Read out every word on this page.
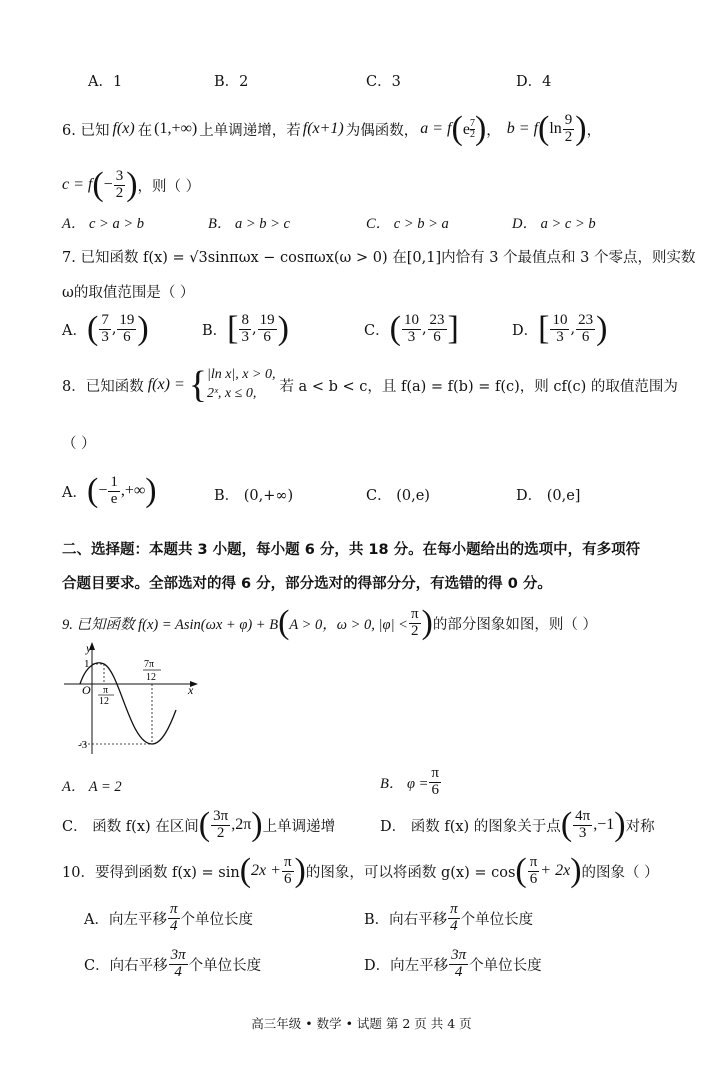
A．1	B．2	C．3	D．4
6. 已知 f(x) 在 (1,+∞) 上单调递增，若 f(x+1) 为偶函数， a = f ( e $^{\frac{7}{2}}$ ) ， b = f ( $\ln \frac{9}{2}$ ) ，
c = f ( − $\frac{3}{2}$ ) ，则（ ）
A． c > a > b	B． a > b > c	C． c > b > a	D． a > c > b
7. 已知函数 f(x) = √3sinπωx − cosπωx(ω > 0) 在[0,1]内恰有 3 个最值点和 3 个零点，则实数
ω的取值范围是（ ）
A． ( $\frac{7}{3}$ , $\frac{19}{6}$ )	B． [ $\frac{8}{3}$ , $\frac{19}{6}$ )	C． ( $\frac{10}{3}$ , $\frac{23}{6}$ ]	D． [ $\frac{10}{3}$ , $\frac{23}{6}$ )
8．已知函数 f(x) = { |ln x|, x > 0,
2ˣ, x ≤ 0,	若 a < b < c，且 f(a) = f(b) = f(c)，则 cf(c) 的取值范围为
（ ）
A． ( − $\frac{1}{e}$ ,+∞ )	B． (0,+∞)	C． (0,e)	D． (0,e]
二、选择题：本题共 3 小题，每小题 6 分，共 18 分。在每小题给出的选项中，有多项符
合题目要求。全部选对的得 6 分，部分选对的得部分分，有选错的得 0 分。
9. 已知函数 f(x) = Asin(ωx + φ) + B ( A > 0，ω > 0, $|\varphi| < \frac{\pi}{2}$ ) 的部分图象如图，则（ ）
y
x
O
1
-3
π
12
7π
12
A． A = 2	B． $\varphi = \frac{\pi}{6}$
C． 函数 f(x) 在区间 ( $\frac{3\pi}{2} ,2\pi$ ) 上单调递增	D． 函数 f(x) 的图象关于点 ( $\frac{4\pi}{3} ,-1$ ) 对称
10．要得到函数 f(x) = sin ( $2x + \frac{\pi}{6}$ ) 的图象，可以将函数 g(x) = cos ( $\frac{\pi}{6} + 2x$ ) 的图象（ ）
A．向左平移 $\frac{\pi}{4}$ 个单位长度	B．向右平移 $\frac{\pi}{4}$ 个单位长度
C．向右平移 $\frac{3\pi}{4}$ 个单位长度	D．向左平移 $\frac{3\pi}{4}$ 个单位长度
高三年级 • 数学 • 试题 第 2 页 共 4 页
